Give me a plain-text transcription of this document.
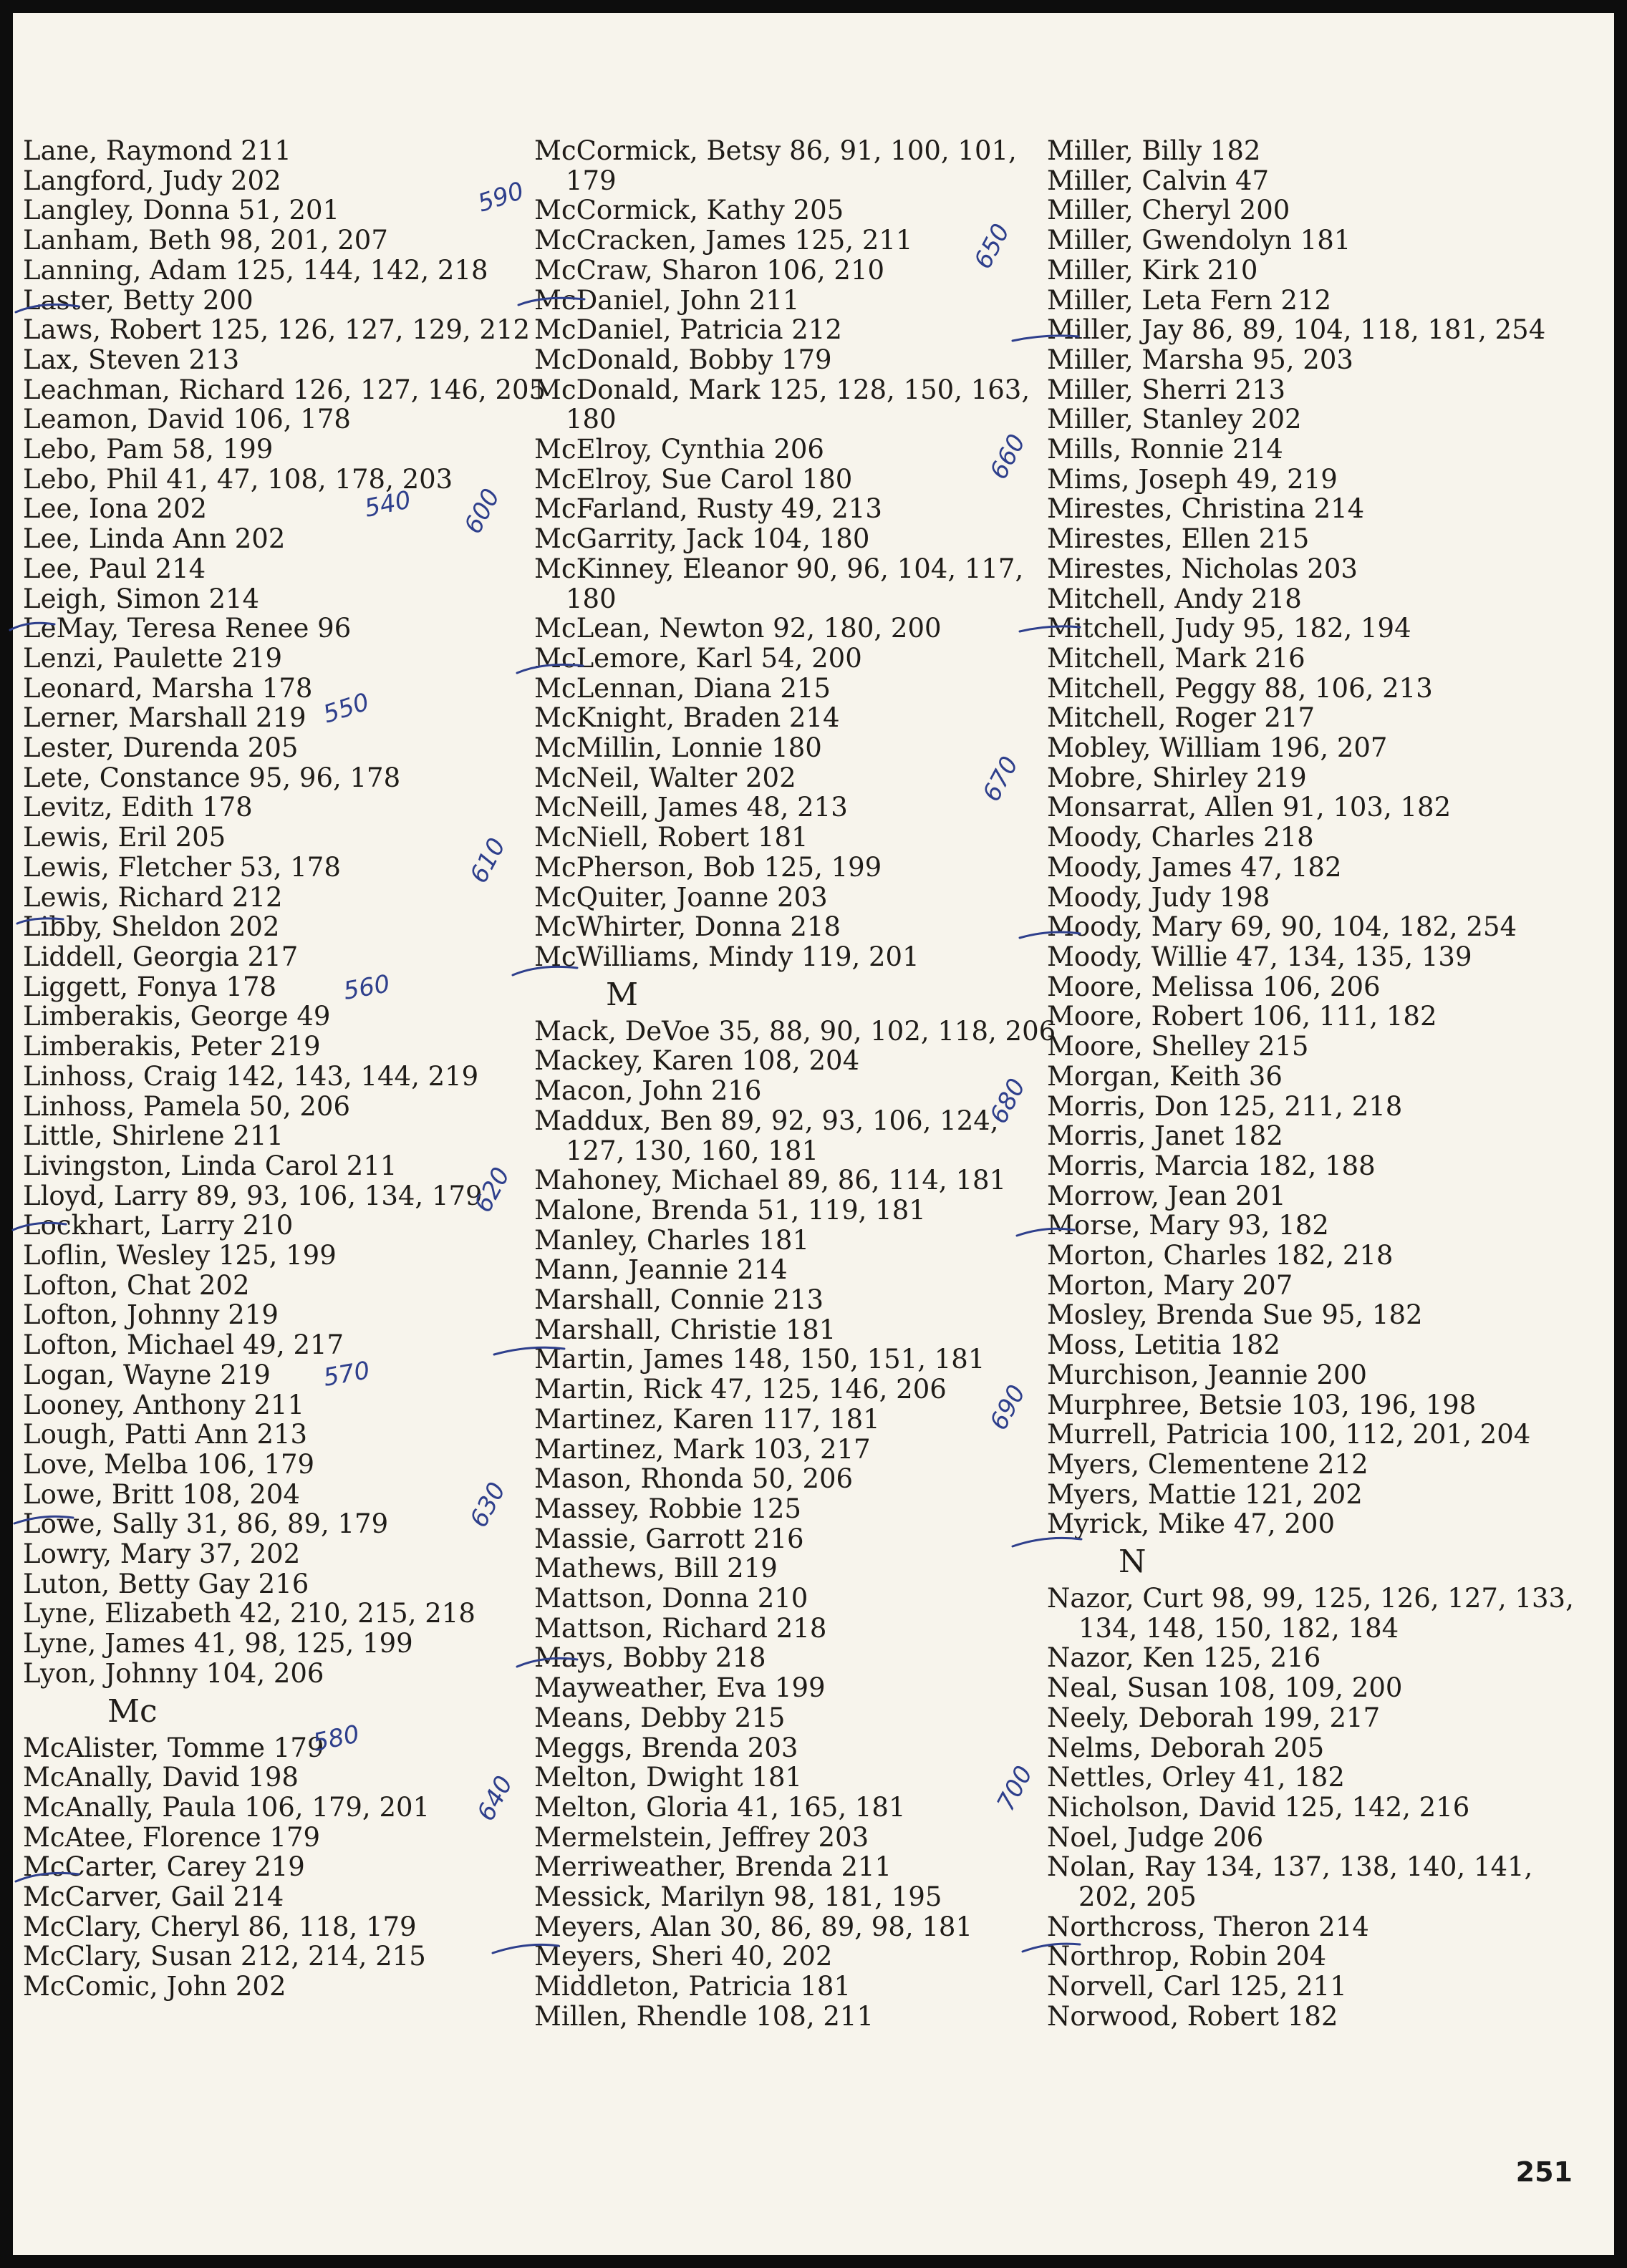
Lane, Raymond 211
Langford, Judy 202
Langley, Donna 51, 201
Lanham, Beth 98, 201, 207
Lanning, Adam 125, 144, 142, 218
Laster, Betty 200
Laws, Robert 125, 126, 127, 129, 212
Lax, Steven 213
Leachman, Richard 126, 127, 146, 205
Leamon, David 106, 178
Lebo, Pam 58, 199
Lebo, Phil 41, 47, 108, 178, 203
Lee, Iona 202
Lee, Linda Ann 202
Lee, Paul 214
Leigh, Simon 214
LeMay, Teresa Renee 96
Lenzi, Paulette 219
Leonard, Marsha 178
Lerner, Marshall 219
Lester, Durenda 205
Lete, Constance 95, 96, 178
Levitz, Edith 178
Lewis, Eril 205
Lewis, Fletcher 53, 178
Lewis, Richard 212
Libby, Sheldon 202
Liddell, Georgia 217
Liggett, Fonya 178
Limberakis, George 49
Limberakis, Peter 219
Linhoss, Craig 142, 143, 144, 219
Linhoss, Pamela 50, 206
Little, Shirlene 211
Livingston, Linda Carol 211
Lloyd, Larry 89, 93, 106, 134, 179
Lockhart, Larry 210
Loflin, Wesley 125, 199
Lofton, Chat 202
Lofton, Johnny 219
Lofton, Michael 49, 217
Logan, Wayne 219
Looney, Anthony 211
Lough, Patti Ann 213
Love, Melba 106, 179
Lowe, Britt 108, 204
Lowe, Sally 31, 86, 89, 179
Lowry, Mary 37, 202
Luton, Betty Gay 216
Lyne, Elizabeth 42, 210, 215, 218
Lyne, James 41, 98, 125, 199
Lyon, Johnny 104, 206
Mc
McAlister, Tomme 179
McAnally, David 198
McAnally, Paula 106, 179, 201
McAtee, Florence 179
McCarter, Carey 219
McCarver, Gail 214
McClary, Cheryl 86, 118, 179
McClary, Susan 212, 214, 215
McComic, John 202
McCormick, Betsy 86, 91, 100, 101,
179
McCormick, Kathy 205
McCracken, James 125, 211
McCraw, Sharon 106, 210
McDaniel, John 211
McDaniel, Patricia 212
McDonald, Bobby 179
McDonald, Mark 125, 128, 150, 163,
180
McElroy, Cynthia 206
McElroy, Sue Carol 180
McFarland, Rusty 49, 213
McGarrity, Jack 104, 180
McKinney, Eleanor 90, 96, 104, 117,
180
McLean, Newton 92, 180, 200
McLemore, Karl 54, 200
McLennan, Diana 215
McKnight, Braden 214
McMillin, Lonnie 180
McNeil, Walter 202
McNeill, James 48, 213
McNiell, Robert 181
McPherson, Bob 125, 199
McQuiter, Joanne 203
McWhirter, Donna 218
McWilliams, Mindy 119, 201
M
Mack, DeVoe 35, 88, 90, 102, 118, 206
Mackey, Karen 108, 204
Macon, John 216
Maddux, Ben 89, 92, 93, 106, 124,
127, 130, 160, 181
Mahoney, Michael 89, 86, 114, 181
Malone, Brenda 51, 119, 181
Manley, Charles 181
Mann, Jeannie 214
Marshall, Connie 213
Marshall, Christie 181
Martin, James 148, 150, 151, 181
Martin, Rick 47, 125, 146, 206
Martinez, Karen 117, 181
Martinez, Mark 103, 217
Mason, Rhonda 50, 206
Massey, Robbie 125
Massie, Garrott 216
Mathews, Bill 219
Mattson, Donna 210
Mattson, Richard 218
Mays, Bobby 218
Mayweather, Eva 199
Means, Debby 215
Meggs, Brenda 203
Melton, Dwight 181
Melton, Gloria 41, 165, 181
Mermelstein, Jeffrey 203
Merriweather, Brenda 211
Messick, Marilyn 98, 181, 195
Meyers, Alan 30, 86, 89, 98, 181
Meyers, Sheri 40, 202
Middleton, Patricia 181
Millen, Rhendle 108, 211
Miller, Billy 182
Miller, Calvin 47
Miller, Cheryl 200
Miller, Gwendolyn 181
Miller, Kirk 210
Miller, Leta Fern 212
Miller, Jay 86, 89, 104, 118, 181, 254
Miller, Marsha 95, 203
Miller, Sherri 213
Miller, Stanley 202
Mills, Ronnie 214
Mims, Joseph 49, 219
Mirestes, Christina 214
Mirestes, Ellen 215
Mirestes, Nicholas 203
Mitchell, Andy 218
Mitchell, Judy 95, 182, 194
Mitchell, Mark 216
Mitchell, Peggy 88, 106, 213
Mitchell, Roger 217
Mobley, William 196, 207
Mobre, Shirley 219
Monsarrat, Allen 91, 103, 182
Moody, Charles 218
Moody, James 47, 182
Moody, Judy 198
Moody, Mary 69, 90, 104, 182, 254
Moody, Willie 47, 134, 135, 139
Moore, Melissa 106, 206
Moore, Robert 106, 111, 182
Moore, Shelley 215
Morgan, Keith 36
Morris, Don 125, 211, 218
Morris, Janet 182
Morris, Marcia 182, 188
Morrow, Jean 201
Morse, Mary 93, 182
Morton, Charles 182, 218
Morton, Mary 207
Mosley, Brenda Sue 95, 182
Moss, Letitia 182
Murchison, Jeannie 200
Murphree, Betsie 103, 196, 198
Murrell, Patricia 100, 112, 201, 204
Myers, Clementene 212
Myers, Mattie 121, 202
Myrick, Mike 47, 200
N
Nazor, Curt 98, 99, 125, 126, 127, 133,
134, 148, 150, 182, 184
Nazor, Ken 125, 216
Neal, Susan 108, 109, 200
Neely, Deborah 199, 217
Nelms, Deborah 205
Nettles, Orley 41, 182
Nicholson, David 125, 142, 216
Noel, Judge 206
Nolan, Ray 134, 137, 138, 140, 141,
202, 205
Northcross, Theron 214
Northrop, Robin 204
Norvell, Carl 125, 211
Norwood, Robert 182
251
590
540 600
650
660
550
670
610
560
620
680
570
630
690
580
640	700
